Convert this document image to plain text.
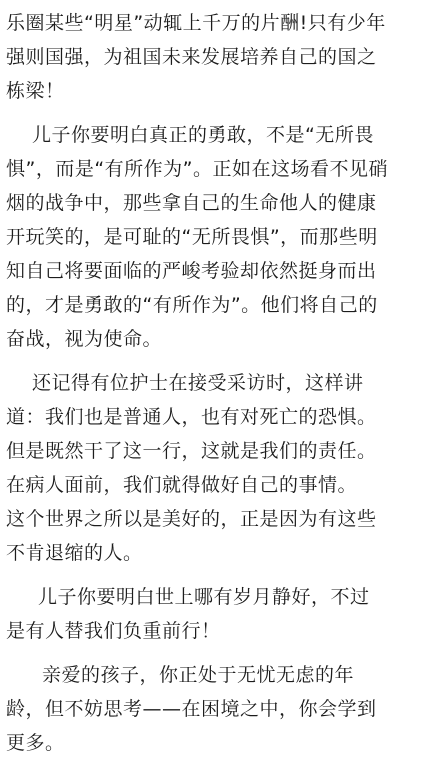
乐圈某些“明星”动辄上千万的片酬!只有少年
强则国强，为祖国未来发展培养自己的国之
栋梁！
儿子你要明白真正的勇敢，不是“无所畏
惧”，而是“有所作为”。正如在这场看不见硝
烟的战争中，那些拿自己的生命他人的健康
开玩笑的，是可耻的“无所畏惧”，而那些明
知自己将要面临的严峻考验却依然挺身而出
的，才是勇敢的“有所作为”。他们将自己的
奋战，视为使命。
还记得有位护士在接受采访时，这样讲
道：我们也是普通人，也有对死亡的恐惧。
但是既然干了这一行，这就是我们的责任。
在病人面前，我们就得做好自己的事情。
这个世界之所以是美好的，正是因为有这些
不肯退缩的人。
儿子你要明白世上哪有岁月静好，不过
是有人替我们负重前行！
亲爱的孩子，你正处于无忧无虑的年
龄，但不妨思考——在困境之中，你会学到
更多。
